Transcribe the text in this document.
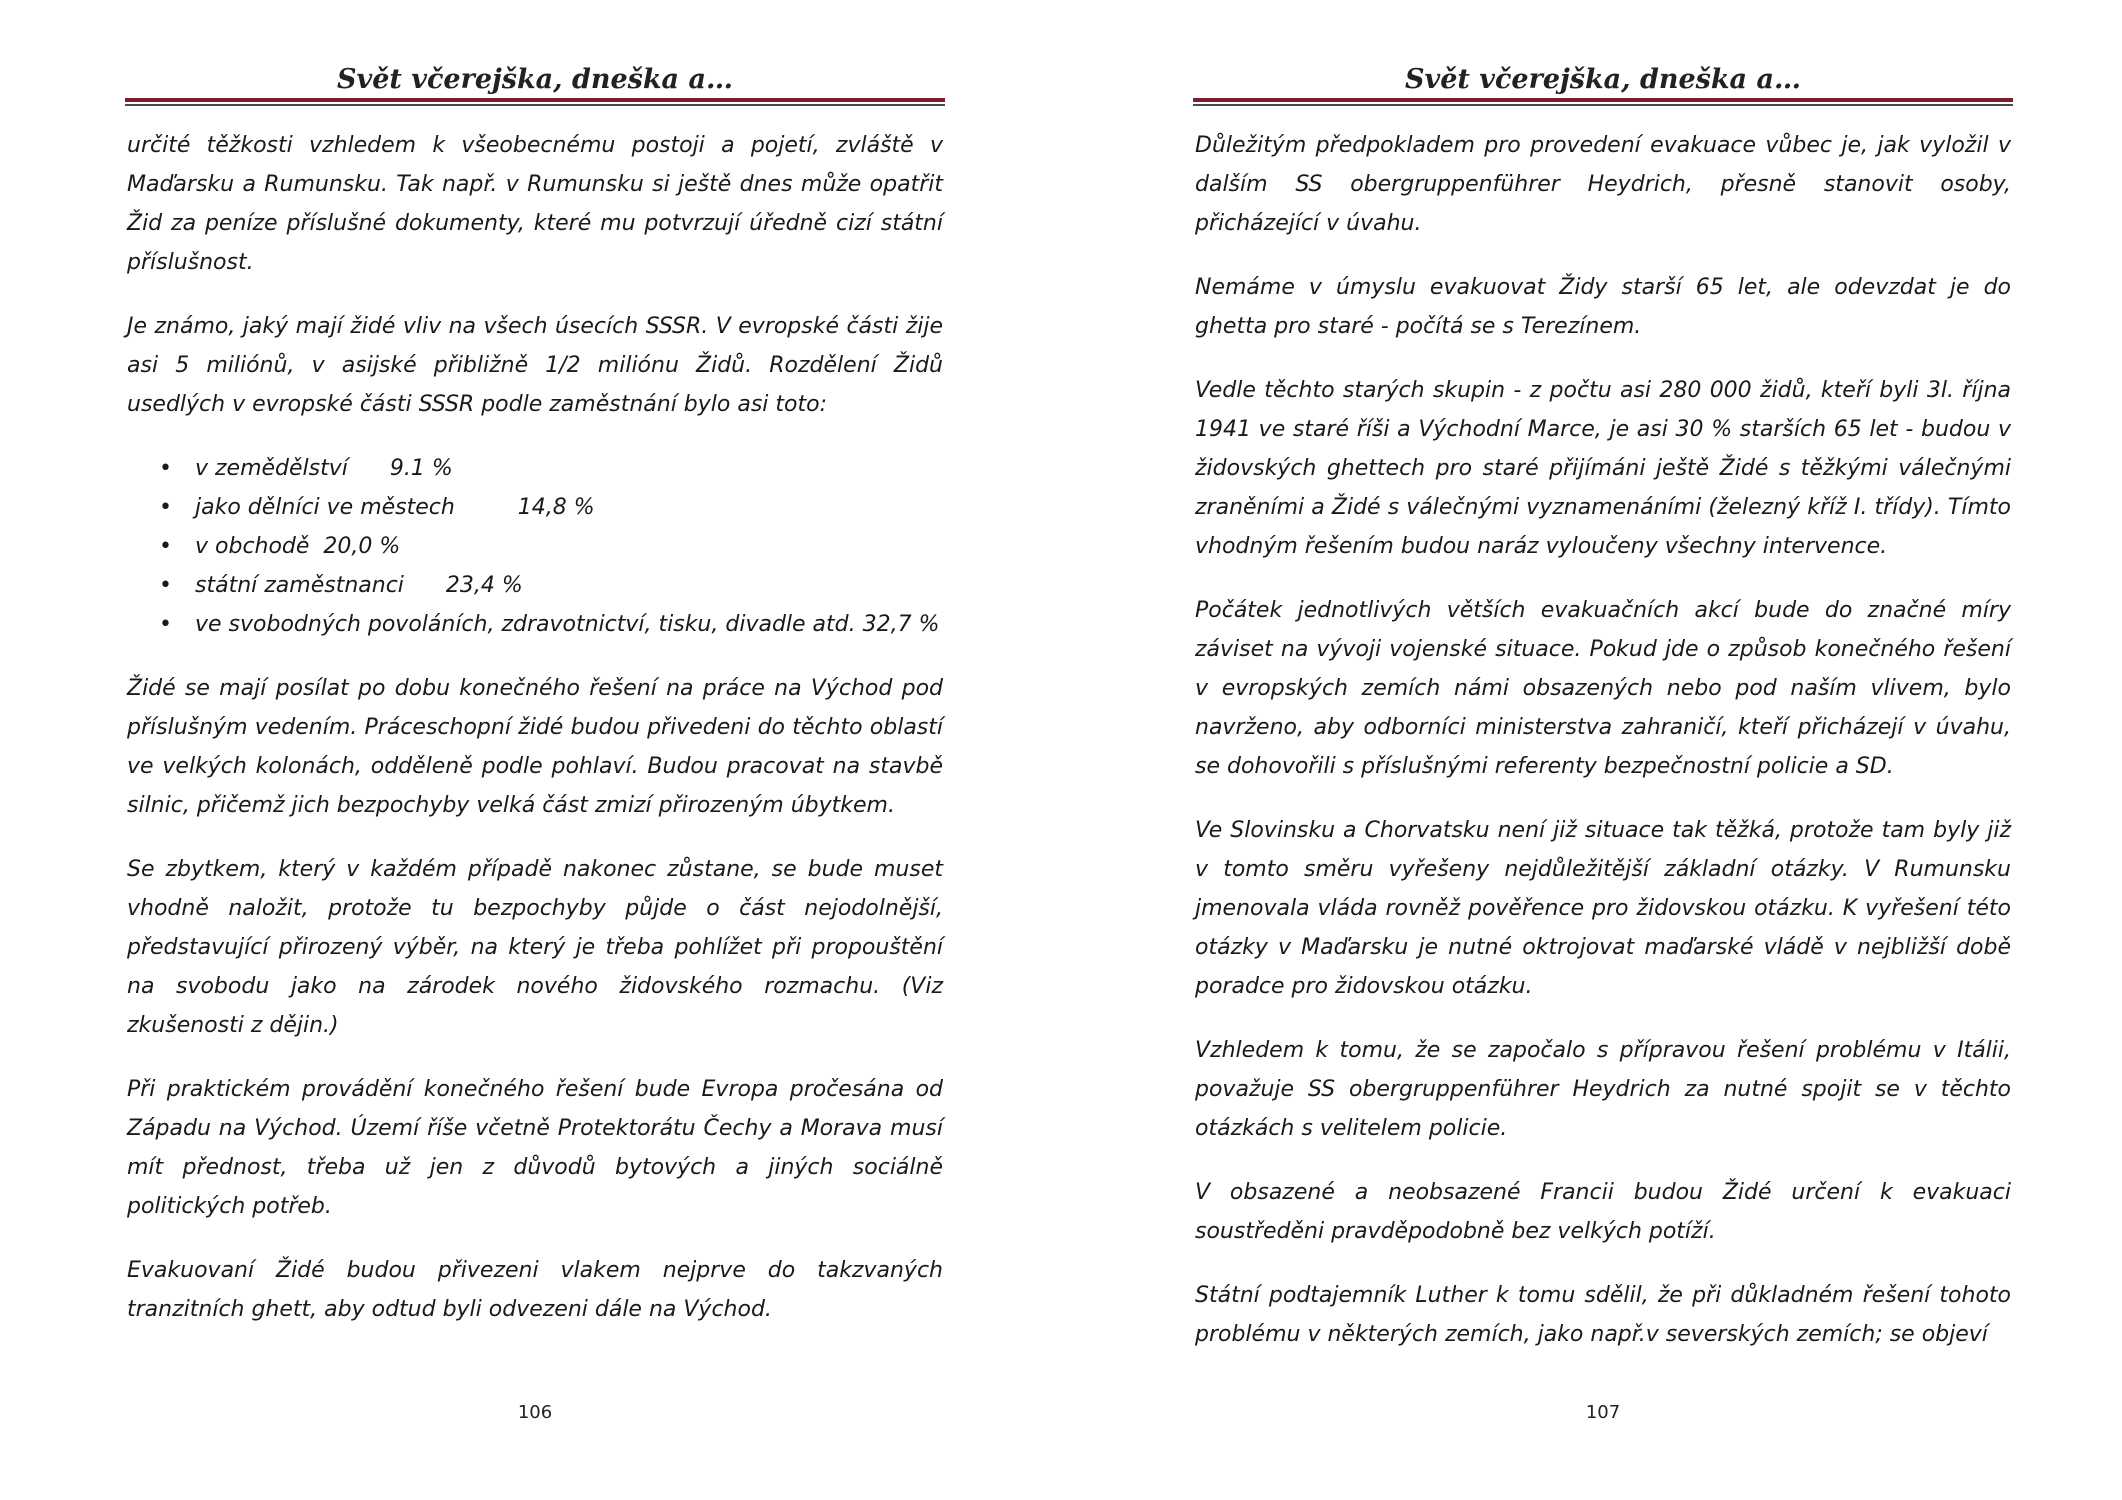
Svět včerejška, dneška a…

určité těžkosti vzhledem k všeobecnému postoji a pojetí, zvláště v Maďarsku a Rumunsku. Tak např. v Rumunsku si ještě dnes může opatřit Žid za peníze příslušné dokumenty, které mu potvrzují úředně cizí státní příslušnost.

Je známo, jaký mají židé vliv na všech úsecích SSSR. V evropské části žije asi 5 miliónů, v asijské přibližně 1/2 miliónu Židů. Rozdělení Židů usedlých v evropské části SSSR podle zaměstnání bylo asi toto:

• v zemědělství      9.1 %
• jako dělníci ve městech         14,8 %
• v obchodě  20,0 %
• státní zaměstnanci      23,4 %
• ve svobodných povoláních, zdravotnictví, tisku, divadle atd. 32,7 %

Židé se mají posílat po dobu konečného řešení na práce na Východ pod příslušným vedením. Práceschopní židé budou přivedeni do těchto oblastí ve velkých kolonách, odděleně podle pohlaví. Budou pracovat na stavbě silnic, přičemž jich bezpochyby velká část zmizí přirozeným úbytkem.

Se zbytkem, který v každém případě nakonec zůstane, se bude muset vhodně naložit, protože tu bezpochyby půjde o část nejodolnější, představující přirozený výběr, na který je třeba pohlížet při propouštění na svobodu jako na zárodek nového židovského rozmachu. (Viz zkušenosti z dějin.)

Při praktickém provádění konečného řešení bude Evropa pročesána od Západu na Východ. Území říše včetně Protektorátu Čechy a Morava musí mít přednost, třeba už jen z důvodů bytových a jiných sociálně politických potřeb.

Evakuovaní Židé budou přivezeni vlakem nejprve do takzvaných tranzitních ghett, aby odtud byli odvezeni dále na Východ.

106
Svět včerejška, dneška a…

Důležitým předpokladem pro provedení evakuace vůbec je, jak vyložil v dalším SS obergruppenführer Heydrich, přesně stanovit osoby, přicházející v úvahu.

Nemáme v úmyslu evakuovat Židy starší 65 let, ale odevzdat je do ghetta pro staré - počítá se s Terezínem.

Vedle těchto starých skupin - z počtu asi 280 000 židů, kteří byli 3l. října 1941 ve staré říši a Východní Marce, je asi 30 % starších 65 let - budou v židovských ghettech pro staré přijímáni ještě Židé s těžkými válečnými zraněními a Židé s válečnými vyznamenáními (železný kříž I. třídy). Tímto vhodným řešením budou naráz vyloučeny všechny intervence.

Počátek jednotlivých větších evakuačních akcí bude do značné míry záviset na vývoji vojenské situace. Pokud jde o způsob konečného řešení v evropských zemích námi obsazených nebo pod naším vlivem, bylo navrženo, aby odborníci ministerstva zahraničí, kteří přicházejí v úvahu, se dohovořili s příslušnými referenty bezpečnostní policie a SD.

Ve Slovinsku a Chorvatsku není již situace tak těžká, protože tam byly již v tomto směru vyřešeny nejdůležitější základní otázky. V Rumunsku jmenovala vláda rovněž pověřence pro židovskou otázku. K vyřešení této otázky v Maďarsku je nutné oktrojovat maďarské vládě v nejbližší době poradce pro židovskou otázku.

Vzhledem k tomu, že se započalo s přípravou řešení problému v Itálii, považuje SS obergruppenführer Heydrich za nutné spojit se v těchto otázkách s velitelem policie.

V obsazené a neobsazené Francii budou Židé určení k evakuaci soustředěni pravděpodobně bez velkých potíží.

Státní podtajemník Luther k tomu sdělil, že při důkladném řešení tohoto problému v některých zemích, jako např.v severských zemích; se objeví

107
